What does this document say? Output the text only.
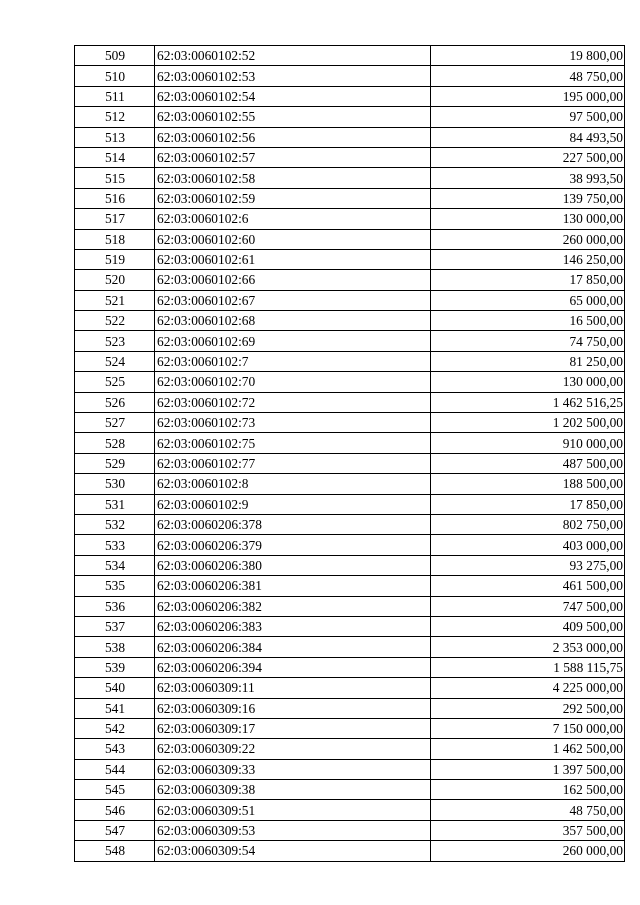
509	62:03:0060102:52	19 800,00
510	62:03:0060102:53	48 750,00
511	62:03:0060102:54	195 000,00
512	62:03:0060102:55	97 500,00
513	62:03:0060102:56	84 493,50
514	62:03:0060102:57	227 500,00
515	62:03:0060102:58	38 993,50
516	62:03:0060102:59	139 750,00
517	62:03:0060102:6	130 000,00
518	62:03:0060102:60	260 000,00
519	62:03:0060102:61	146 250,00
520	62:03:0060102:66	17 850,00
521	62:03:0060102:67	65 000,00
522	62:03:0060102:68	16 500,00
523	62:03:0060102:69	74 750,00
524	62:03:0060102:7	81 250,00
525	62:03:0060102:70	130 000,00
526	62:03:0060102:72	1 462 516,25
527	62:03:0060102:73	1 202 500,00
528	62:03:0060102:75	910 000,00
529	62:03:0060102:77	487 500,00
530	62:03:0060102:8	188 500,00
531	62:03:0060102:9	17 850,00
532	62:03:0060206:378	802 750,00
533	62:03:0060206:379	403 000,00
534	62:03:0060206:380	93 275,00
535	62:03:0060206:381	461 500,00
536	62:03:0060206:382	747 500,00
537	62:03:0060206:383	409 500,00
538	62:03:0060206:384	2 353 000,00
539	62:03:0060206:394	1 588 115,75
540	62:03:0060309:11	4 225 000,00
541	62:03:0060309:16	292 500,00
542	62:03:0060309:17	7 150 000,00
543	62:03:0060309:22	1 462 500,00
544	62:03:0060309:33	1 397 500,00
545	62:03:0060309:38	162 500,00
546	62:03:0060309:51	48 750,00
547	62:03:0060309:53	357 500,00
548	62:03:0060309:54	260 000,00
